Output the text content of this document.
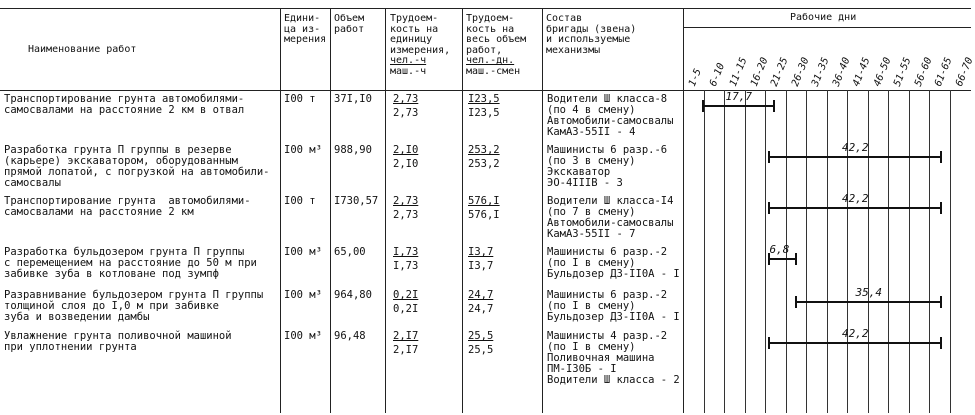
Наименование работ
Едини-
ца из-
мерения
Объем
работ
Трудоем-
кость на
единицу
измерения,
чел.-ч
маш.-ч
Трудоем-
кость на
весь объем
работ,
чел.-дн.
маш.-смен
Состав
бригады (звена)
и используемые
механизмы
Рабочие дни
1-5 6-10 11-15 16-20 21-25 26-30 31-35 36-40 41-45 46-50 51-55 56-60 61-65 66-70
Транспортирование грунта автомобилями-
самосвалами на расстояние 2 км в отвал
I00 т 37I,I0 2,73
2,73
I23,5
I23,5
Водители Ш класса-8
(по 4 в смену)
Автомобили-самосвалы
КамАЗ-55II - 4
17,7
Разработка грунта П группы в резерве
(карьере) экскаватором, оборудованным
прямой лопатой, с погрузкой на автомобили-
самосвалы
I00 м³ 988,90 2,I0
2,I0
253,2
253,2
Машинисты 6 разр.-6
(по 3 в смену)
Экскаватор
ЭО-4IIIВ - 3
42,2
Транспортирование грунта  автомобилями-
самосвалами на расстояние 2 км
I00 т I730,57 2,73
2,73
576,I
576,I
Водители Ш класса-I4
(по 7 в смену)
Автомобили-самосвалы
КамАЗ-55II - 7
42,2
Разработка бульдозером грунта П группы
с перемещением на расстояние до 50 м при
забивке зуба в котловане под зумпф
I00 м³ 65,00	I,73
I,73
I3,7
I3,7
Машинисты 6 разр.-2
(по I в смену)
Бульдозер ДЗ-II0А - I
6,8
Разравнивание бульдозером грунта П группы
толщиной слоя до I,0 м при забивке
зуба и возведении дамбы
I00 м³ 964,80 0,2I
0,2I
24,7
24,7
Машинисты 6 разр.-2
(по I в смену)
Бульдозер ДЗ-II0А - I
35,4
Увлажнение грунта поливочной машиной
при уплотнении грунта
I00 м³ 96,48	2,I7
2,I7
25,5
25,5
Машинисты 4 разр.-2
(по I в смену)
Поливочная машина
ПМ-I30Б - I
Водители Ш класса - 2
42,2
